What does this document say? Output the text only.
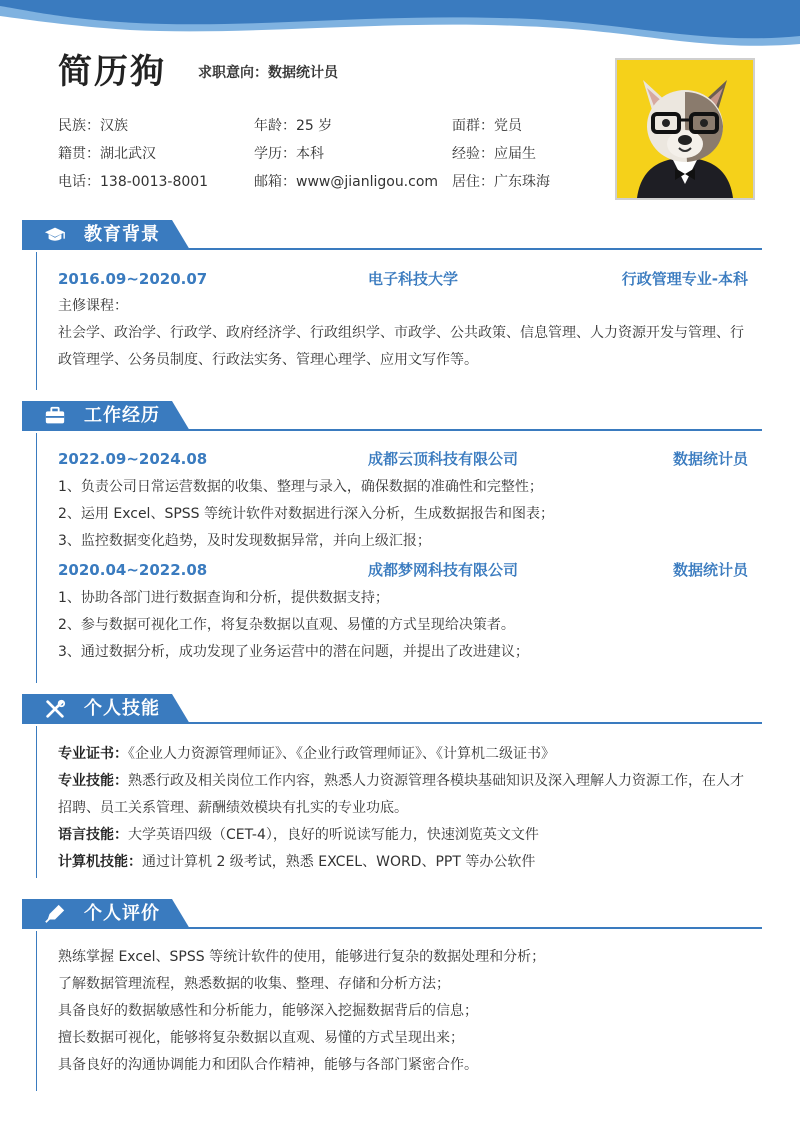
简历狗 求职意向：数据统计员
民族：汉族	年龄：25 岁	面群：党员
籍贯：湖北武汉	学历：本科	经验：应届生
电话：138-0013-8001	邮箱：www@jianligou.com 居住：广东珠海
教育背景
2016.09~2020.07	电子科技大学	行政管理专业-本科

主修课程：

社会学、政治学、行政学、政府经济学、行政组织学、市政学、公共政策、信息管理、人力资源开发与管理、行

政管理学、公务员制度、行政法实务、管理心理学、应用文写作等。

工作经历
2022.09~2024.08	成都云顶科技有限公司	数据统计员

1、负责公司日常运营数据的收集、整理与录入，确保数据的准确性和完整性；

2、运用 Excel、SPSS 等统计软件对数据进行深入分析，生成数据报告和图表；

3、监控数据变化趋势，及时发现数据异常，并向上级汇报；

2020.04~2022.08	成都梦网科技有限公司	数据统计员

1、协助各部门进行数据查询和分析，提供数据支持；

2、参与数据可视化工作，将复杂数据以直观、易懂的方式呈现给决策者。

3、通过数据分析，成功发现了业务运营中的潜在问题，并提出了改进建议；

个人技能

专业证书：《企业人力资源管理师证》、《企业行政管理师证》、《计算机二级证书》

专业技能：熟悉行政及相关岗位工作内容，熟悉人力资源管理各模块基础知识及深入理解人力资源工作，在人才

招聘、员工关系管理、薪酬绩效模块有扎实的专业功底。

语言技能：大学英语四级（CET-4），良好的听说读写能力，快速浏览英文文件

计算机技能：通过计算机 2 级考试，熟悉 EXCEL、WORD、PPT 等办公软件

个人评价

熟练掌握 Excel、SPSS 等统计软件的使用，能够进行复杂的数据处理和分析；

了解数据管理流程，熟悉数据的收集、整理、存储和分析方法；

具备良好的数据敏感性和分析能力，能够深入挖掘数据背后的信息；

擅长数据可视化，能够将复杂数据以直观、易懂的方式呈现出来；

具备良好的沟通协调能力和团队合作精神，能够与各部门紧密合作。
